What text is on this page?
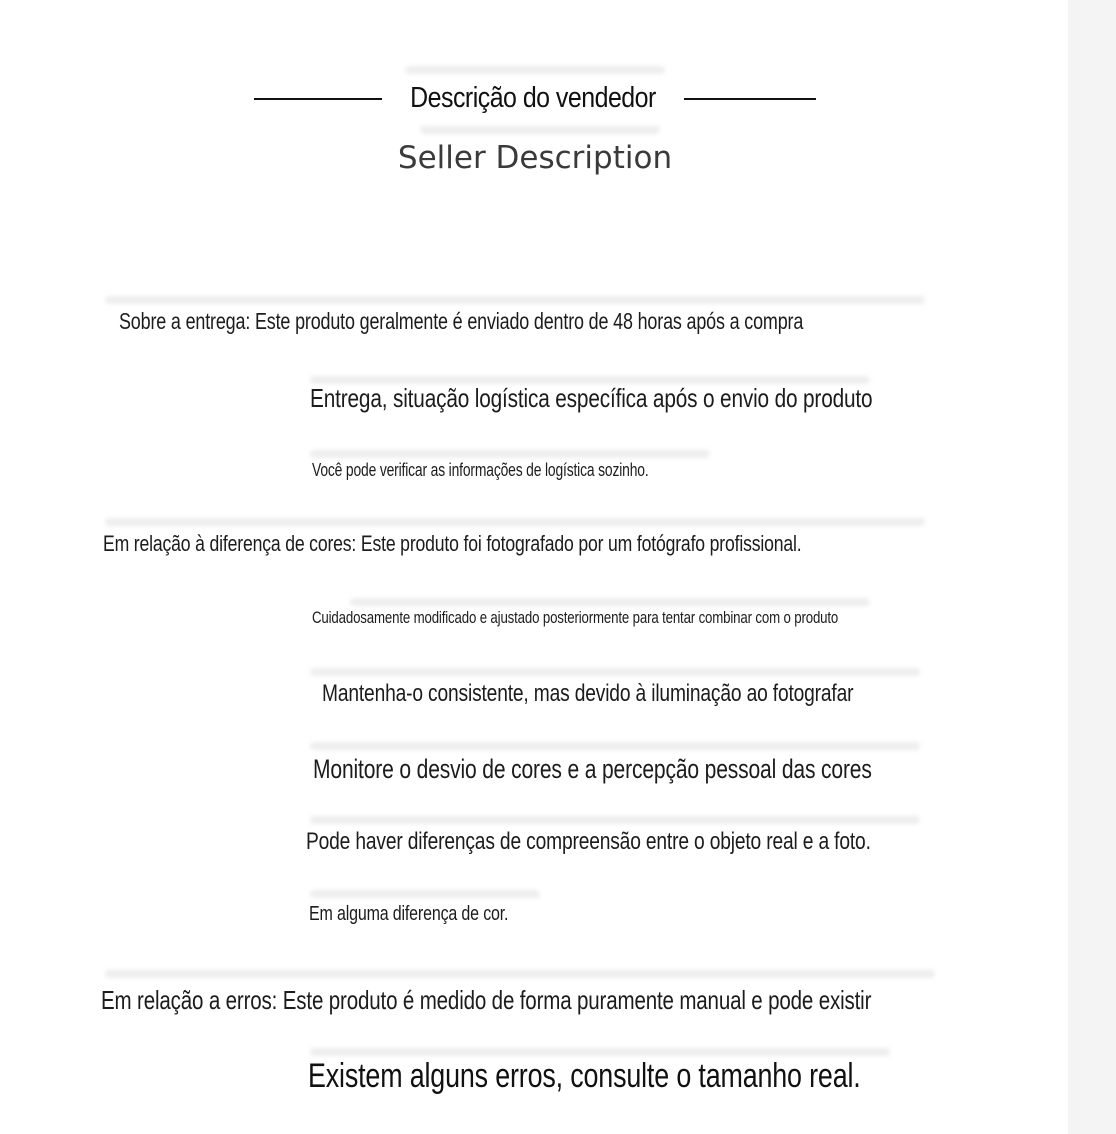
Descrição do vendedor
Seller Description
Sobre a entrega: Este produto geralmente é enviado dentro de 48 horas após a compra
Entrega, situação logística específica após o envio do produto
Você pode verificar as informações de logística sozinho.
Em relação à diferença de cores: Este produto foi fotografado por um fotógrafo profissional.
Cuidadosamente modificado e ajustado posteriormente para tentar combinar com o produto
Mantenha-o consistente, mas devido à iluminação ao fotografar
Monitore o desvio de cores e a percepção pessoal das cores
Pode haver diferenças de compreensão entre o objeto real e a foto.
Em alguma diferença de cor.
Em relação a erros: Este produto é medido de forma puramente manual e pode existir
Existem alguns erros, consulte o tamanho real.
